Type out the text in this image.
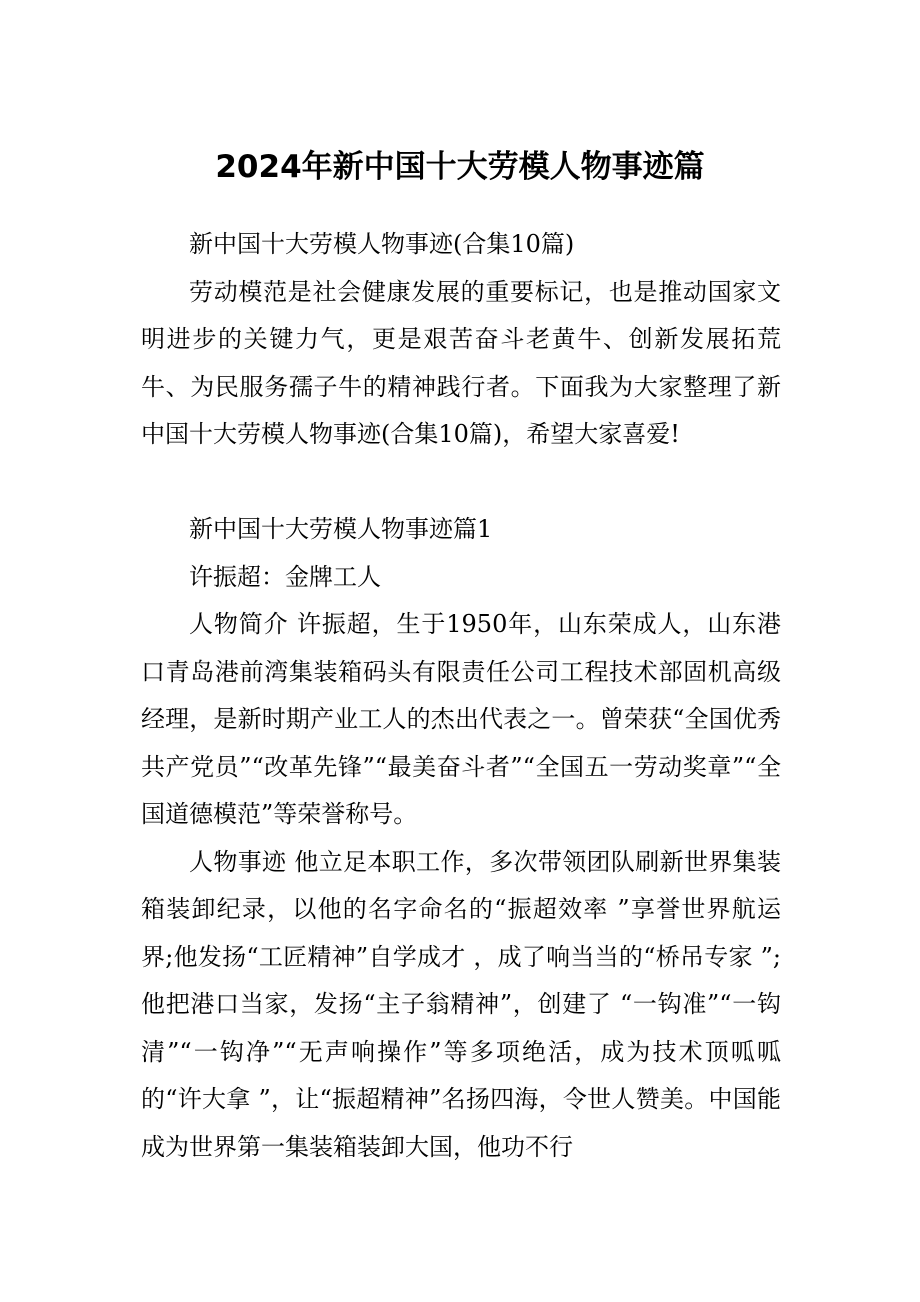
2024年新中国十大劳模人物事迹篇

新中国十大劳模人物事迹(合集10篇)

劳动模范是社会健康发展的重要标记，也是推动国家文明进步的关键力气，更是艰苦奋斗老黄牛、创新发展拓荒牛、为民服务孺子牛的精神践行者。下面我为大家整理了新中国十大劳模人物事迹(合集10篇)，希望大家喜爱!

新中国十大劳模人物事迹篇1

许振超：金牌工人

人物简介 许振超，生于1950年，山东荣成人，山东港口青岛港前湾集装箱码头有限责任公司工程技术部固机高级经理，是新时期产业工人的杰出代表之一。曾荣获“全国优秀共产党员”“改革先锋”“最美奋斗者”“全国五一劳动奖章”“全国道德模范”等荣誉称号。

人物事迹 他立足本职工作，多次带领团队刷新世界集装箱装卸纪录，以他的名字命名的“振超效率 ”享誉世界航运界;他发扬“工匠精神”自学成才 ，成了响当当的“桥吊专家 ”;他把港口当家，发扬“主子翁精神”，创建了 “一钩准”“一钩清”“一钩净”“无声响操作”等多项绝活，成为技术顶呱呱的“许大拿 ”，让“振超精神”名扬四海，令世人赞美。中国能成为世界第一集装箱装卸大国，他功不行
